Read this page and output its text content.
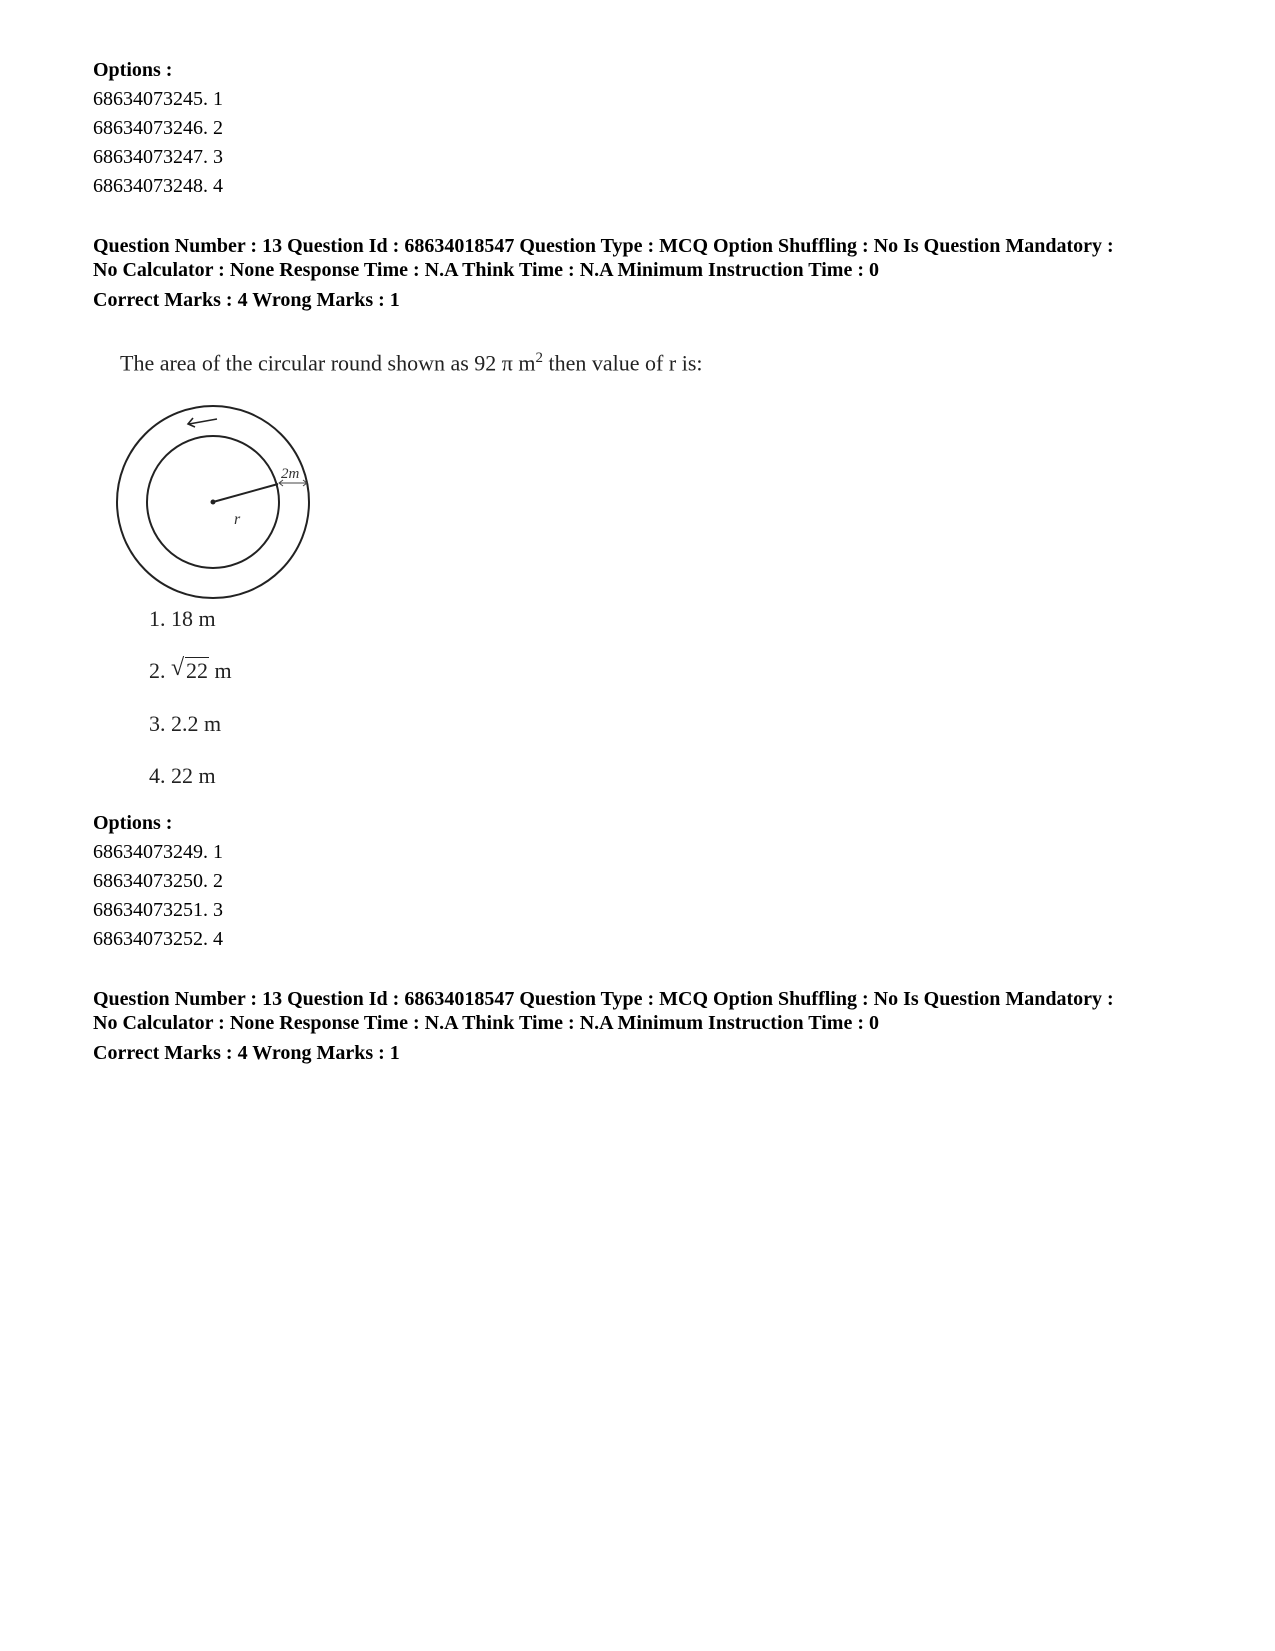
Options :
68634073245. 1
68634073246. 2
68634073247. 3
68634073248. 4
Question Number : 13 Question Id : 68634018547 Question Type : MCQ Option Shuffling : No Is Question Mandatory :
No Calculator : None Response Time : N.A Think Time : N.A Minimum Instruction Time : 0
Correct Marks : 4 Wrong Marks : 1
The area of the circular round shown as 92 π $m^2$ then value of r is:
2m
r
1. 18 m
2. √ 22 m
3. 2.2 m
4. 22 m
Options :
68634073249. 1
68634073250. 2
68634073251. 3
68634073252. 4
Question Number : 13 Question Id : 68634018547 Question Type : MCQ Option Shuffling : No Is Question Mandatory :
No Calculator : None Response Time : N.A Think Time : N.A Minimum Instruction Time : 0
Correct Marks : 4 Wrong Marks : 1
